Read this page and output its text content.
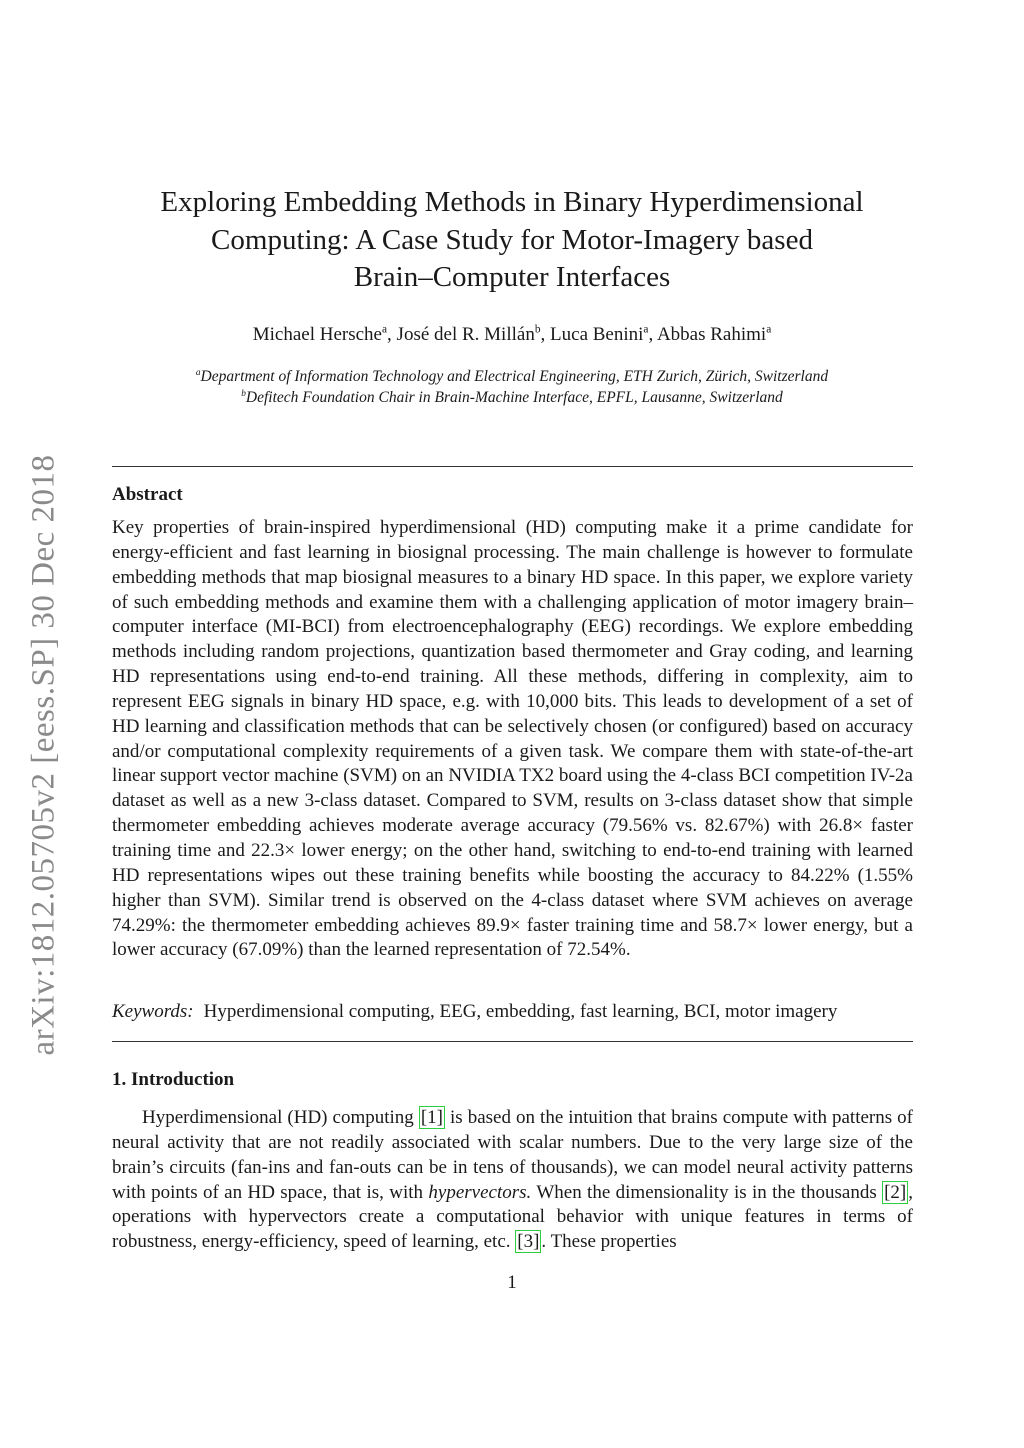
arXiv:1812.05705v2 [eess.SP] 30 Dec 2018
Exploring Embedding Methods in Binary Hyperdimensional
Computing: A Case Study for Motor-Imagery based
Brain–Computer Interfaces
Michael Hersche$^a$, José del R. Millán$^b$, Luca Benini$^a$, Abbas Rahimi$^a$
$^a$Department of Information Technology and Electrical Engineering, ETH Zurich, Zürich, Switzerland
$^b$Defitech Foundation Chair in Brain-Machine Interface, EPFL, Lausanne, Switzerland
Abstract

Key properties of brain-inspired hyperdimensional (HD) computing make it a prime candidate for energy-efficient and fast learning in biosignal processing. The main challenge is however to formulate embedding methods that map biosignal measures to a binary HD space. In this paper, we explore variety of such embedding methods and examine them with a challenging application of motor imagery brain–computer interface (MI-BCI) from electroencephalography (EEG) recordings. We explore embedding methods including random projections, quantization based thermometer and Gray coding, and learning HD representations using end-to-end training. All these methods, differing in complexity, aim to represent EEG signals in binary HD space, e.g. with 10,000 bits. This leads to development of a set of HD learning and classification methods that can be selectively chosen (or configured) based on accuracy and/or computational complexity requirements of a given task. We compare them with state-of-the-art linear support vector machine (SVM) on an NVIDIA TX2 board using the 4-class BCI competition IV-2a dataset as well as a new 3-class dataset. Compared to SVM, results on 3-class dataset show that simple thermometer embedding achieves moderate average accuracy (79.56% vs. 82.67%) with 26.8× faster training time and 22.3× lower energy; on the other hand, switching to end-to-end training with learned HD representations wipes out these training benefits while boosting the accuracy to 84.22% (1.55% higher than SVM). Similar trend is observed on the 4-class dataset where SVM achieves on average 74.29%: the thermometer embedding achieves 89.9× faster training time and 58.7× lower energy, but a lower accuracy (67.09%) than the learned representation of 72.54%.

Keywords: Hyperdimensional computing, EEG, embedding, fast learning, BCI, motor imagery
1. Introduction

Hyperdimensional (HD) computing [1] is based on the intuition that brains compute with patterns of neural activity that are not readily associated with scalar numbers. Due to the very large size of the brain’s circuits (fan-ins and fan-outs can be in tens of thousands), we can model neural activity patterns with points of an HD space, that is, with hypervectors. When the dimensionality is in the thousands [2] , operations with hypervectors create a computational behavior with unique features in terms of robustness, energy-efficiency, speed of learning, etc. [3] . These properties

1
